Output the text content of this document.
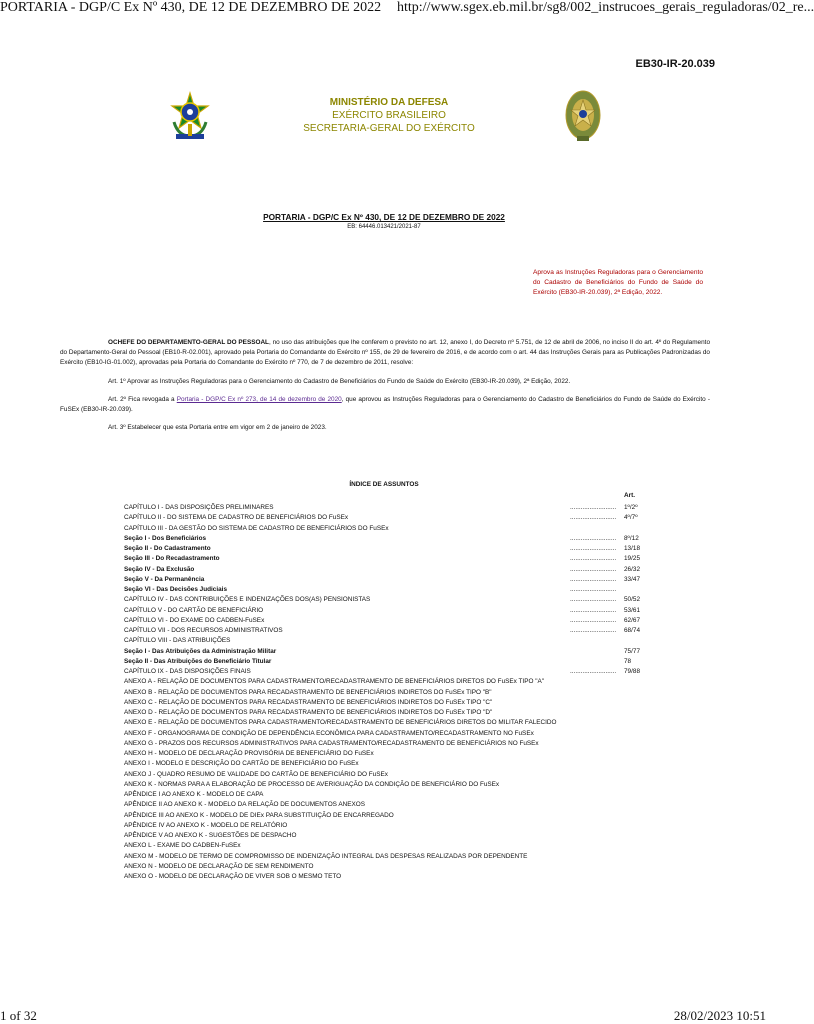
PORTARIA - DGP/C Ex Nº 430, DE 12 DE DEZEMBRO DE 2022 http://www.sgex.eb.mil.br/sg8/002_instrucoes_gerais_reguladoras/02_re...
EB30-IR-20.039
MINISTÉRIO DA DEFESA
EXÉRCITO BRASILEIRO
SECRETARIA-GERAL DO EXÉRCITO
PORTARIA - DGP/C Ex Nº 430, DE 12 DE DEZEMBRO DE 2022
EB: 64446.013421/2021-87
Aprova as Instruções Reguladoras para o Gerenciamento do Cadastro de Beneficiários do Fundo de Saúde do Exército (EB30-IR-20.039), 2ª Edição, 2022.
OCHEFE DO DEPARTAMENTO-GERAL DO PESSOAL, no uso das atribuições que lhe conferem o previsto no art. 12, anexo I, do Decreto nº 5.751, de 12 de abril de 2006, no inciso II do art. 4º do Regulamento do Departamento-Geral do Pessoal (EB10-R-02.001), aprovado pela Portaria do Comandante do Exército nº 155, de 29 de fevereiro de 2016, e de acordo com o art. 44 das Instruções Gerais para as Publicações Padronizadas do Exército (EB10-IG-01.002), aprovadas pela Portaria do Comandante do Exército nº 770, de 7 de dezembro de 2011, resolve:
Art. 1º Aprovar as Instruções Reguladoras para o Gerenciamento do Cadastro de Beneficiários do Fundo de Saúde do Exército (EB30-IR-20.039), 2ª Edição, 2022.
Art. 2º Fica revogada a Portaria - DGP/C Ex nº 273, de 14 de dezembro de 2020, que aprovou as Instruções Reguladoras para o Gerenciamento do Cadastro de Beneficiários do Fundo de Saúde do Exército - FuSEx (EB30-IR-20.039).
Art. 3º Estabelecer que esta Portaria entre em vigor em 2 de janeiro de 2023.
ÍNDICE DE ASSUNTOS
Art.
CAPÍTULO I - DAS DISPOSIÇÕES PRELIMINARES	.......................... 1º/2º
CAPÍTULO II - DO SISTEMA DE CADASTRO DE BENEFICIÁRIOS DO FuSEx	.......................... 4º/7º
CAPÍTULO III - DA GESTÃO DO SISTEMA DE CADASTRO DE BENEFICIÁRIOS DO FuSEx
Seção I - Dos Beneficiários	.......................... 8º/12
Seção II - Do Cadastramento	.......................... 13/18
Seção III - Do Recadastramento	.......................... 19/25
Seção IV - Da Exclusão	.......................... 26/32
Seção V - Da Permanência	.......................... 33/47
Seção VI - Das Decisões Judiciais	..........................
CAPÍTULO IV - DAS CONTRIBUIÇÕES E INDENIZAÇÕES DOS(AS) PENSIONISTAS	.......................... 50/52
CAPÍTULO V - DO CARTÃO DE BENEFICIÁRIO	.......................... 53/61
CAPÍTULO VI - DO EXAME DO CADBEN-FuSEx	.......................... 62/67
CAPÍTULO VII - DOS RECURSOS ADMINISTRATIVOS	.......................... 68/74
CAPÍTULO VIII - DAS ATRIBUIÇÕES
Seção I - Das Atribuições da Administração Militar	75/77
Seção II - Das Atribuições do Beneficiário Titular	78
CAPÍTULO IX - DAS DISPOSIÇÕES FINAIS	.......................... 79/88
ANEXO A - RELAÇÃO DE DOCUMENTOS PARA CADASTRAMENTO/RECADASTRAMENTO DE BENEFICIÁRIOS DIRETOS DO FuSEx TIPO "A"
ANEXO B - RELAÇÃO DE DOCUMENTOS PARA RECADASTRAMENTO DE BENEFICIÁRIOS INDIRETOS DO FuSEx TIPO "B"
ANEXO C - RELAÇÃO DE DOCUMENTOS PARA RECADASTRAMENTO DE BENEFICIÁRIOS INDIRETOS DO FuSEx TIPO "C"
ANEXO D - RELAÇÃO DE DOCUMENTOS PARA RECADASTRAMENTO DE BENEFICIÁRIOS INDIRETOS DO FuSEx TIPO "D"
ANEXO E - RELAÇÃO DE DOCUMENTOS PARA CADASTRAMENTO/RECADASTRAMENTO DE BENEFICIÁRIOS DIRETOS DO MILITAR FALECIDO
ANEXO F - ORGANOGRAMA DE CONDIÇÃO DE DEPENDÊNCIA ECONÔMICA PARA CADASTRAMENTO/RECADASTRAMENTO NO FuSEx
ANEXO G - PRAZOS DOS RECURSOS ADMINISTRATIVOS PARA CADASTRAMENTO/RECADASTRAMENTO DE BENEFICIÁRIOS NO FuSEx
ANEXO H - MODELO DE DECLARAÇÃO PROVISÓRIA DE BENEFICIÁRIO DO FuSEx
ANEXO I - MODELO E DESCRIÇÃO DO CARTÃO DE BENEFICIÁRIO DO FuSEx
ANEXO J - QUADRO RESUMO DE VALIDADE DO CARTÃO DE BENEFICIÁRIO DO FuSEx
ANEXO K - NORMAS PARA A ELABORAÇÃO DE PROCESSO DE AVERIGUAÇÃO DA CONDIÇÃO DE BENEFICIÁRIO DO FuSEx
APÊNDICE I AO ANEXO K - MODELO DE CAPA
APÊNDICE II AO ANEXO K - MODELO DA RELAÇÃO DE DOCUMENTOS ANEXOS
APÊNDICE III AO ANEXO K - MODELO DE DIEx PARA SUBSTITUIÇÃO DE ENCARREGADO
APÊNDICE IV AO ANEXO K - MODELO DE RELATÓRIO
APÊNDICE V AO ANEXO K - SUGESTÕES DE DESPACHO
ANEXO L - EXAME DO CADBEN-FuSEx
ANEXO M - MODELO DE TERMO DE COMPROMISSO DE INDENIZAÇÃO INTEGRAL DAS DESPESAS REALIZADAS POR DEPENDENTE
ANEXO N - MODELO DE DECLARAÇÃO DE SEM RENDIMENTO
ANEXO O - MODELO DE DECLARAÇÃO DE VIVER SOB O MESMO TETO
1 of 32	28/02/2023 10:51
